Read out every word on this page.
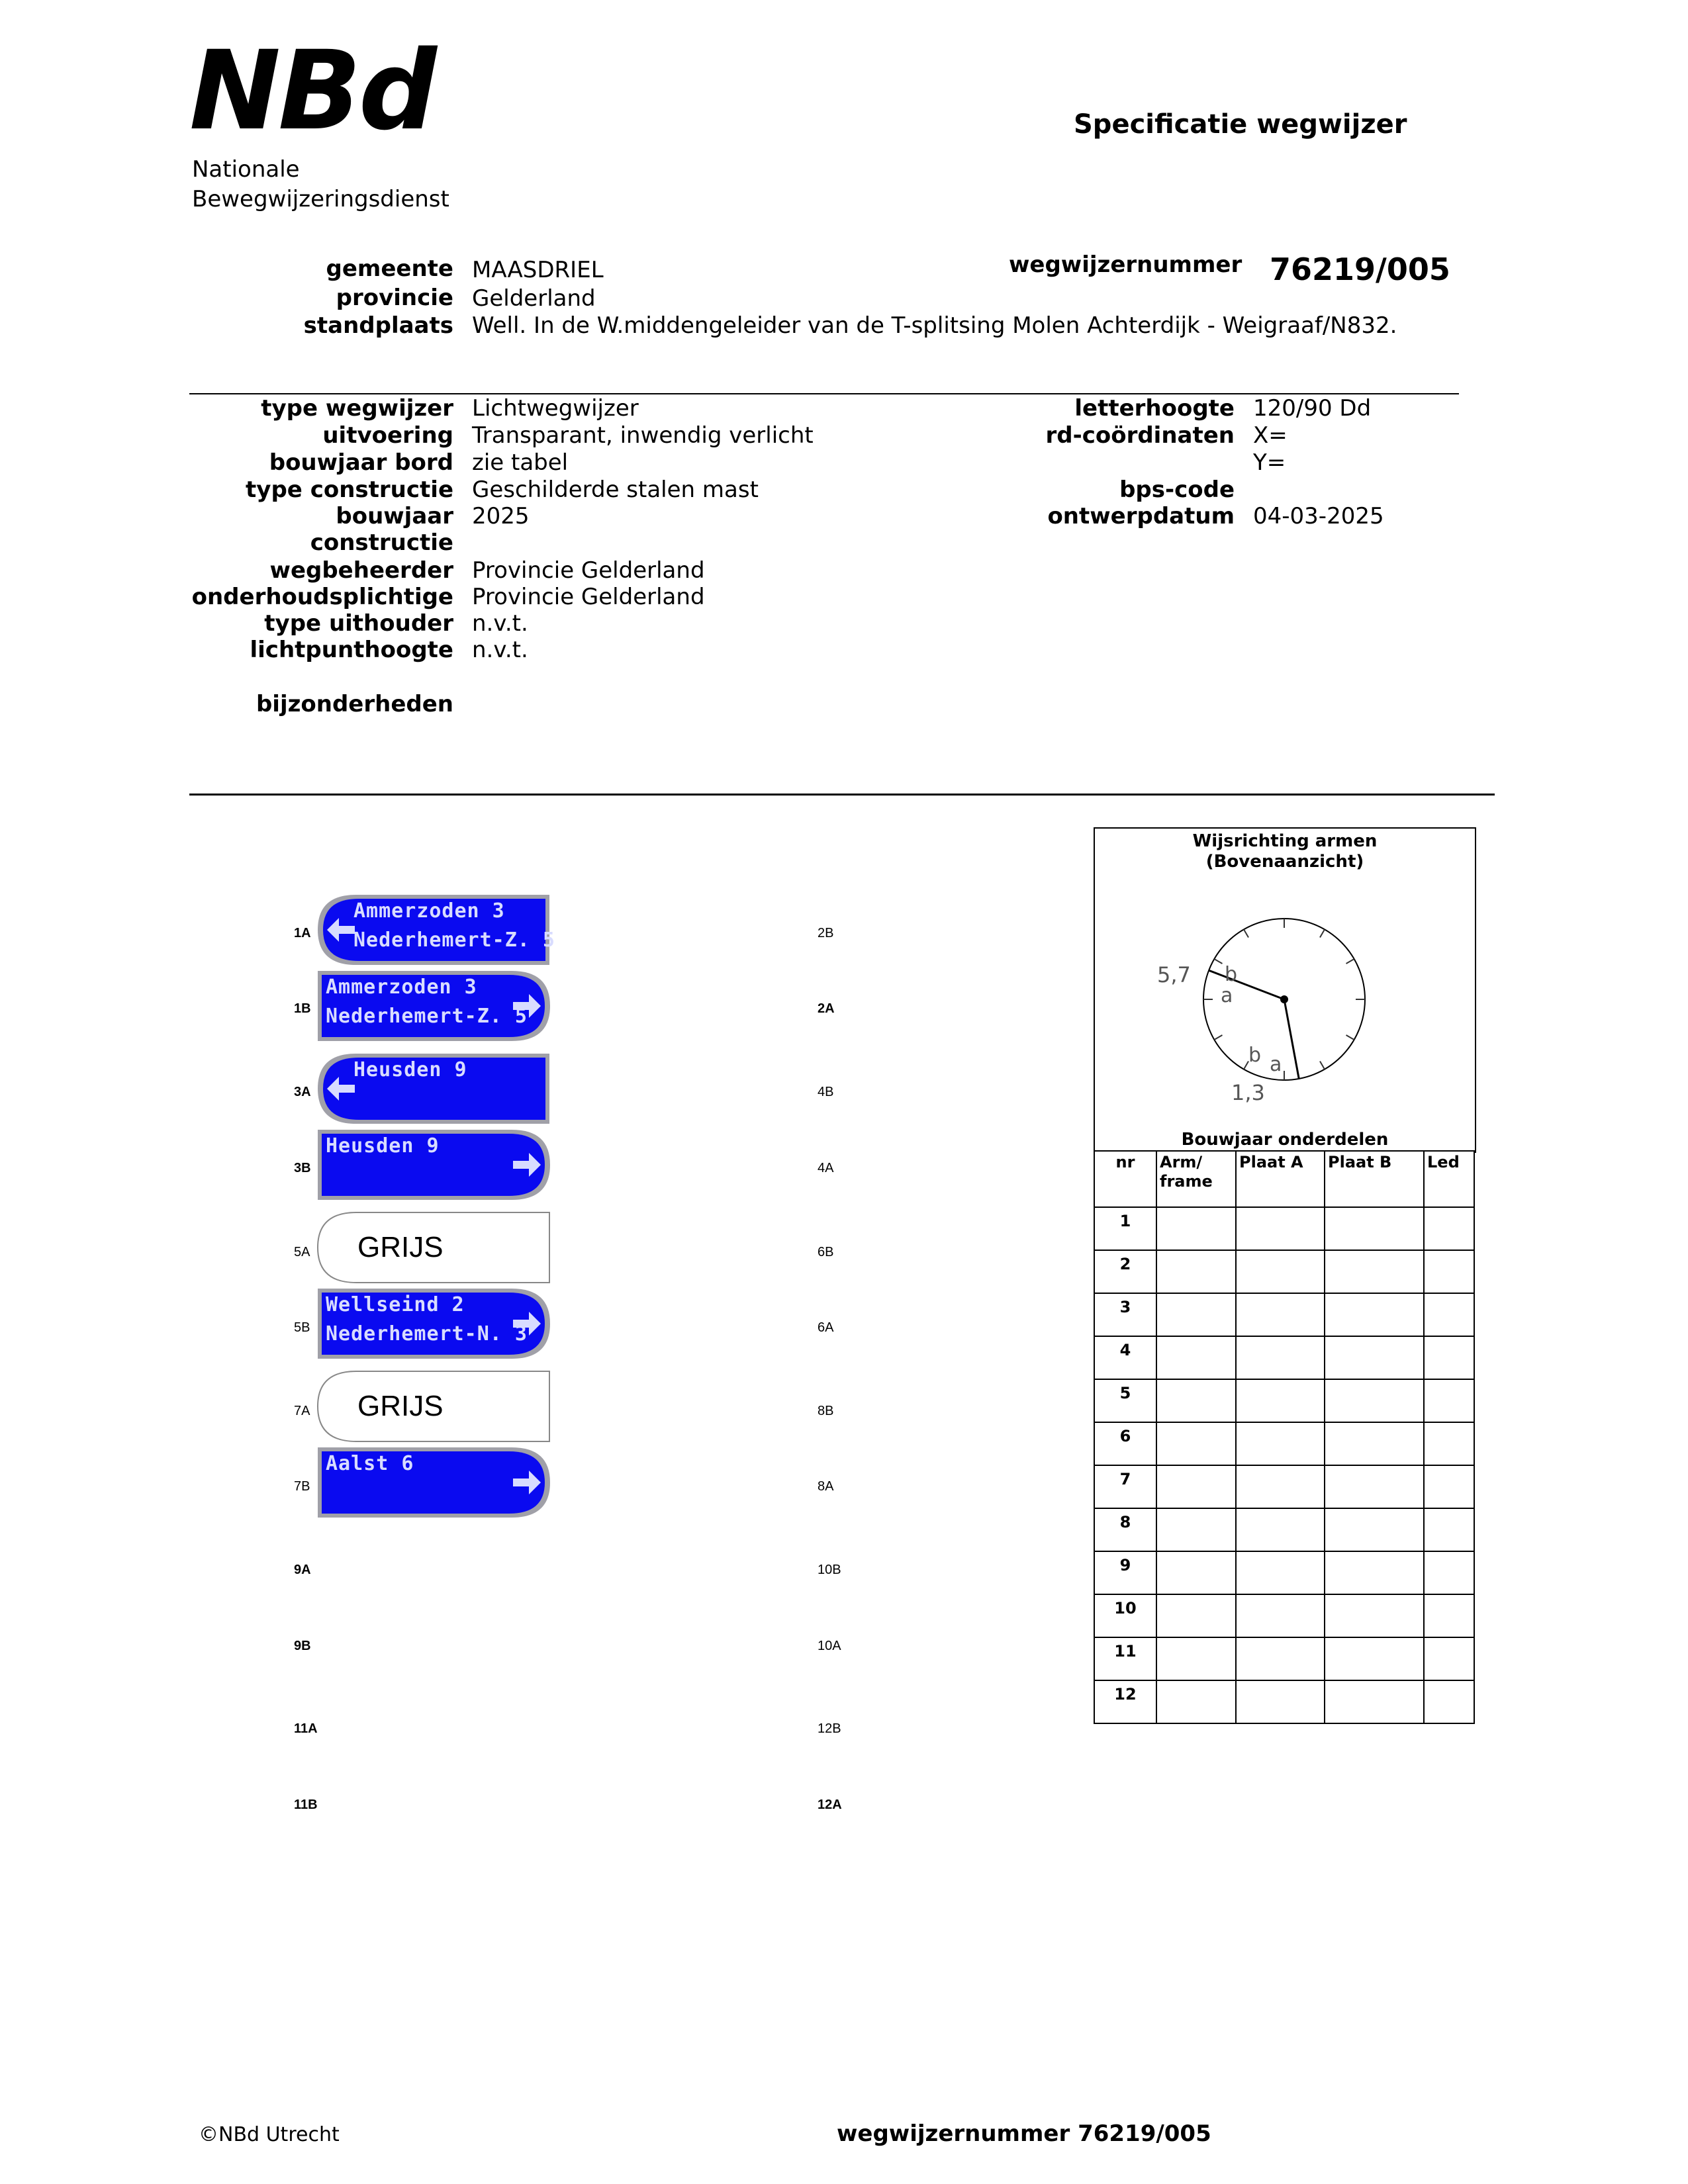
NBd
Nationale
Bewegwijzeringsdienst
Specificatie wegwijzer
gemeente MAASDRIEL
provincie Gelderland
standplaats Well. In de W.middengeleider van de T-splitsing Molen Achterdijk - Weigraaf/N832.
wegwijzernummer 76219/005
type wegwijzer Lichtwegwijzer
uitvoering Transparant, inwendig verlicht
bouwjaar bord zie tabel
type constructie Geschilderde stalen mast
bouwjaar
constructie
2025
wegbeheerder Provincie Gelderland
onderhoudsplichtige Provincie Gelderland
type uithouder n.v.t.
lichtpunthoogte n.v.t.
bijzonderheden
letterhoogte 120/90 Dd
rd-coördinaten X=
Y=
bps-code
ontwerpdatum 04-03-2025
1A
Ammerzoden 3
Nederhemert-Z. 5
1B
Ammerzoden 3
Nederhemert-Z. 5
3A
Heusden 9
3B
Heusden 9
5A GRIJS
5B
Wellseind 2
Nederhemert-N. 3
7A GRIJS
7B
Aalst 6
9A
9B
11A
11B
2B
2A
4B
4A
6B
6A
8B
8A
10B
10A
12B
12A
Wijsrichting armen
(Bovenaanzicht)
5,7 b
a
b a
1,3
Bouwjaar onderdelen
nr	Arm/ frame	Plaat A	Plaat B	Led
1				
2				
3				
4				
5				
6				
7				
8				
9				
10				
11				
12				
©NBd Utrecht	wegwijzernummer 76219/005
